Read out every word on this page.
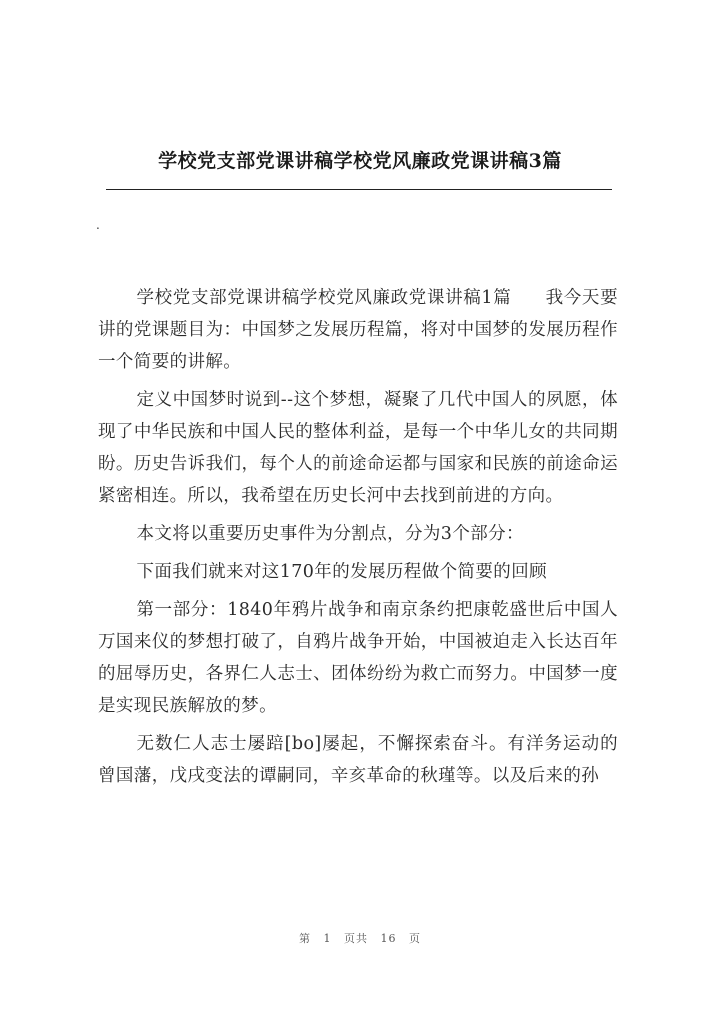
学校党支部党课讲稿学校党风廉政党课讲稿3篇
.

学校党支部党课讲稿学校党风廉政党课讲稿1篇 我今天要讲的党课题目为：中国梦之发展历程篇，将对中国梦的发展历程作一个简要的讲解。

定义中国梦时说到--这个梦想，凝聚了几代中国人的夙愿，体现了中华民族和中国人民的整体利益，是每一个中华儿女的共同期盼。历史告诉我们，每个人的前途命运都与国家和民族的前途命运紧密相连。所以，我希望在历史长河中去找到前进的方向。

本文将以重要历史事件为分割点，分为3个部分：

下面我们就来对这170年的发展历程做个简要的回顾

第一部分：1840年鸦片战争和南京条约把康乾盛世后中国人万国来仪的梦想打破了，自鸦片战争开始，中国被迫走入长达百年的屈辱历史，各界仁人志士、团体纷纷为救亡而努力。中国梦一度是实现民族解放的梦。

无数仁人志士屡踣[bo]屡起，不懈探索奋斗。有洋务运动的曾国藩，戊戌变法的谭嗣同，辛亥革命的秋瑾等。以及后来的孙

第 1 页共 16 页
